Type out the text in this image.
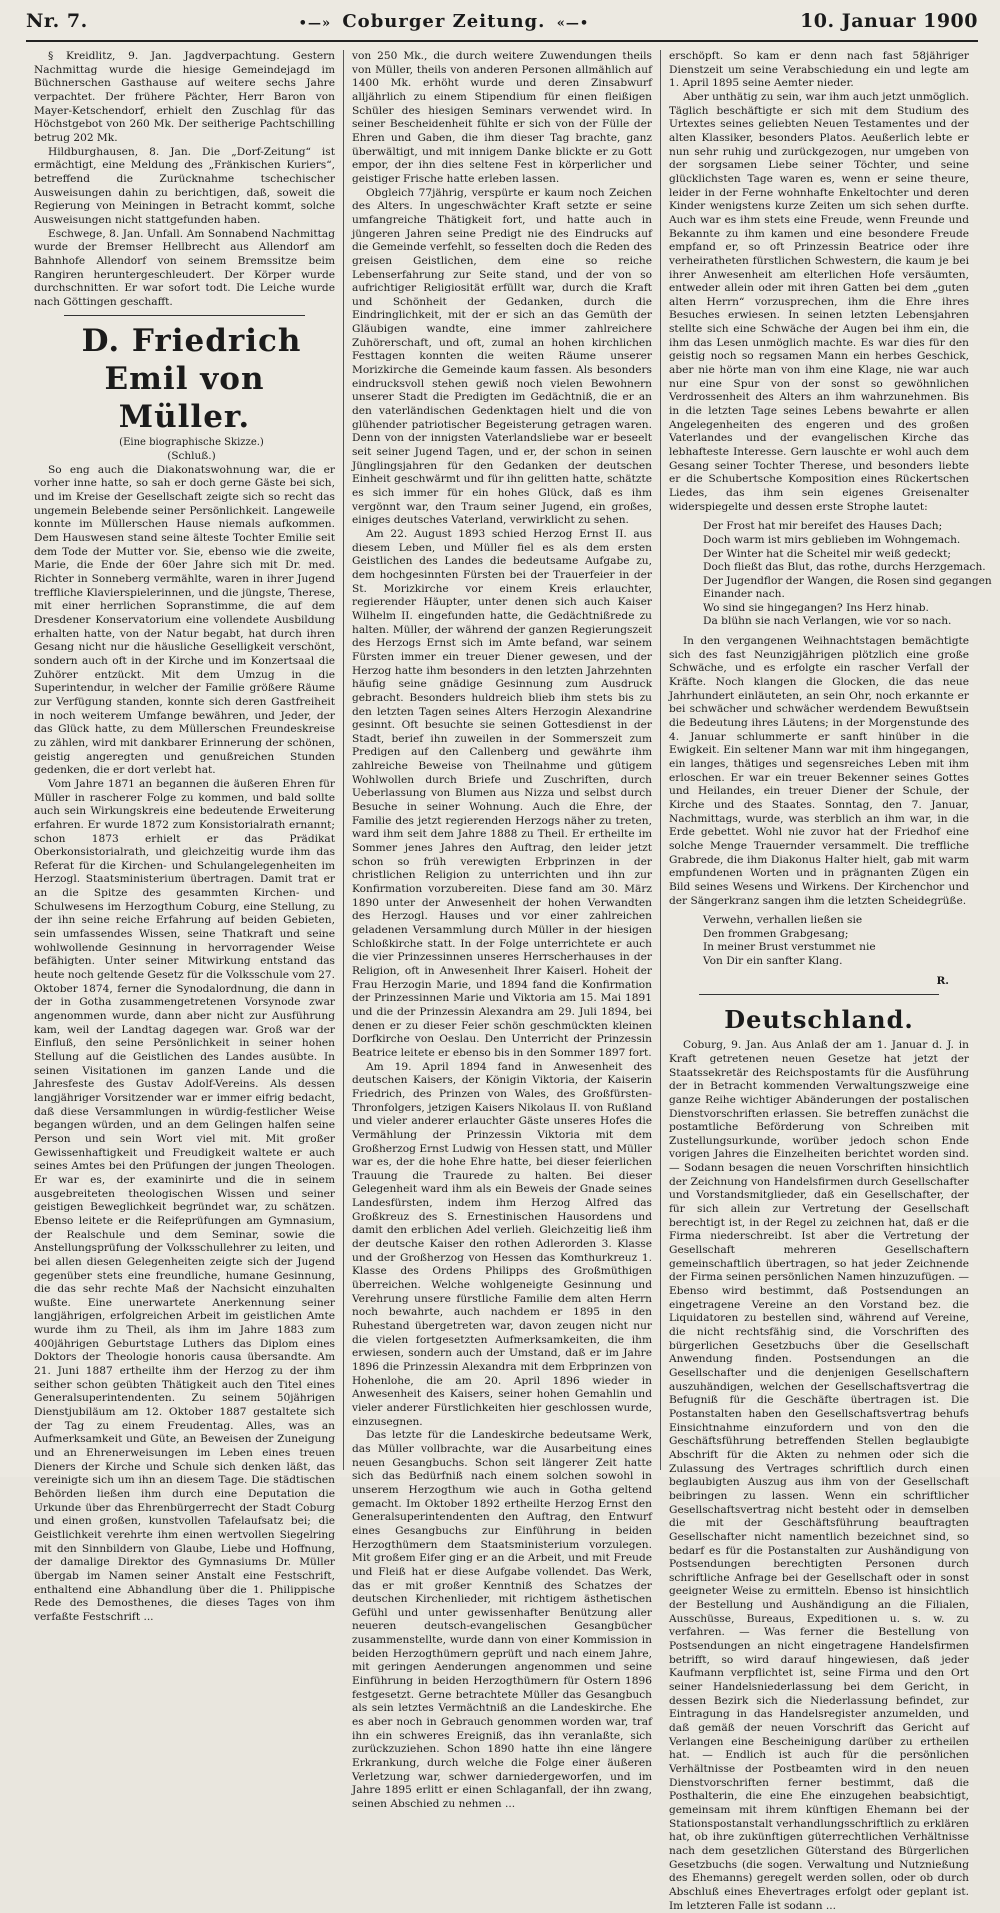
Nr. 7.	•—» Coburger Zeitung. «—•	10. Januar 1900

§ Kreidlitz, 9. Jan. Jagdverpachtung. Gestern Nachmittag wurde die hiesige Gemeindejagd im Büchnerschen Gasthause auf weitere sechs Jahre verpachtet. Der frühere Pächter, Herr Baron von Mayer-Ketschendorf, erhielt den Zuschlag für das Höchstgebot von 260 Mk. Der seitherige Pachtschilling betrug 202 Mk.

Hildburghausen, 8. Jan. Die „Dorf-Zeitung“ ist ermächtigt, eine Meldung des „Fränkischen Kuriers“, betreffend die Zurücknahme tschechischer Ausweisungen dahin zu berichtigen, daß, soweit die Regierung von Meiningen in Betracht kommt, solche Ausweisungen nicht stattgefunden haben.

Eschwege, 8. Jan. Unfall. Am Sonnabend Nachmittag wurde der Bremser Hellbrecht aus Allendorf am Bahnhofe Allendorf von seinem Bremssitze beim Rangiren heruntergeschleudert. Der Körper wurde durchschnitten. Er war sofort todt. Die Leiche wurde nach Göttingen geschafft.

D. Friedrich Emil von Müller.

(Eine biographische Skizze.)

(Schluß.)

So eng auch die Diakonatswohnung war, die er vorher inne hatte, so sah er doch gerne Gäste bei sich, und im Kreise der Gesellschaft zeigte sich so recht das ungemein Belebende seiner Persönlichkeit. Langeweile konnte im Müllerschen Hause niemals aufkommen. Dem Hauswesen stand seine älteste Tochter Emilie seit dem Tode der Mutter vor. Sie, ebenso wie die zweite, Marie, die Ende der 60er Jahre sich mit Dr. med. Richter in Sonneberg vermählte, waren in ihrer Jugend treffliche Klavierspielerinnen, und die jüngste, Therese, mit einer herrlichen Sopranstimme, die auf dem Dresdener Konservatorium eine vollendete Ausbildung erhalten hatte, von der Natur begabt, hat durch ihren Gesang nicht nur die häusliche Geselligkeit verschönt, sondern auch oft in der Kirche und im Konzertsaal die Zuhörer entzückt. Mit dem Umzug in die Superintendur, in welcher der Familie größere Räume zur Verfügung standen, konnte sich deren Gastfreiheit in noch weiterem Umfange bewähren, und Jeder, der das Glück hatte, zu dem Müllerschen Freundeskreise zu zählen, wird mit dankbarer Erinnerung der schönen, geistig angeregten und genußreichen Stunden gedenken, die er dort verlebt hat.

Vom Jahre 1871 an begannen die äußeren Ehren für Müller in rascherer Folge zu kommen, und bald sollte auch sein Wirkungskreis eine bedeutende Erweiterung erfahren. Er wurde 1872 zum Konsistorialrath ernannt; schon 1873 erhielt er das Prädikat Oberkonsistorialrath, und gleichzeitig wurde ihm das Referat für die Kirchen- und Schulangelegenheiten im Herzogl. Staatsministerium übertragen. Damit trat er an die Spitze des gesammten Kirchen- und Schulwesens im Herzogthum Coburg, eine Stellung, zu der ihn seine reiche Erfahrung auf beiden Gebieten, sein umfassendes Wissen, seine Thatkraft und seine wohlwollende Gesinnung in hervorragender Weise befähigten. Unter seiner Mitwirkung entstand das heute noch geltende Gesetz für die Volksschule vom 27. Oktober 1874, ferner die Synodalordnung, die dann in der in Gotha zusammengetretenen Vorsynode zwar angenommen wurde, dann aber nicht zur Ausführung kam, weil der Landtag dagegen war. Groß war der Einfluß, den seine Persönlichkeit in seiner hohen Stellung auf die Geistlichen des Landes ausübte. In seinen Visitationen im ganzen Lande und die Jahresfeste des Gustav Adolf-Vereins. Als dessen langjähriger Vorsitzender war er immer eifrig bedacht, daß diese Versammlungen in würdig-festlicher Weise begangen würden, und an dem Gelingen halfen seine Person und sein Wort viel mit. Mit großer Gewissenhaftigkeit und Freudigkeit waltete er auch seines Amtes bei den Prüfungen der jungen Theologen. Er war es, der examinirte und die in seinem ausgebreiteten theologischen Wissen und seiner geistigen Beweglichkeit begründet war, zu schätzen. Ebenso leitete er die Reifeprüfungen am Gymnasium, der Realschule und dem Seminar, sowie die Anstellungsprüfung der Volksschullehrer zu leiten, und bei allen diesen Gelegenheiten zeigte sich der Jugend gegenüber stets eine freundliche, humane Gesinnung, die das sehr rechte Maß der Nachsicht einzuhalten wußte. Eine unerwartete Anerkennung seiner langjährigen, erfolgreichen Arbeit im geistlichen Amte wurde ihm zu Theil, als ihm im Jahre 1883 zum 400jährigen Geburtstage Luthers das Diplom eines Doktors der Theologie honoris causa übersandte. Am 21. Juni 1887 ertheilte ihm der Herzog zu der ihm seither schon geübten Thätigkeit auch den Titel eines Generalsuperintendenten. Zu seinem 50jährigen Dienstjubiläum am 12. Oktober 1887 gestaltete sich der Tag zu einem Freudentag. Alles, was an Aufmerksamkeit und Güte, an Beweisen der Zuneigung und an Ehrenerweisungen im Leben eines treuen Dieners der Kirche und Schule sich denken läßt, das vereinigte sich um ihn an diesem Tage. Die städtischen Behörden ließen ihm durch eine Deputation die Urkunde über das Ehrenbürgerrecht der Stadt Coburg und einen großen, kunstvollen Tafelaufsatz bei; die Geistlichkeit verehrte ihm einen wertvollen Siegelring mit den Sinnbildern von Glaube, Liebe und Hoffnung, der damalige Direktor des Gymnasiums Dr. Müller übergab im Namen seiner Anstalt eine Festschrift, enthaltend eine Abhandlung über die 1. Philippische Rede des Demosthenes, die dieses Tages von ihm verfaßte Festschrift ...

von 250 Mk., die durch weitere Zuwendungen theils von Müller, theils von anderen Personen allmählich auf 1400 Mk. erhöht wurde und deren Zinsabwurf alljährlich zu einem Stipendium für einen fleißigen Schüler des hiesigen Seminars verwendet wird. In seiner Bescheidenheit fühlte er sich von der Fülle der Ehren und Gaben, die ihm dieser Tag brachte, ganz überwältigt, und mit innigem Danke blickte er zu Gott empor, der ihn dies seltene Fest in körperlicher und geistiger Frische hatte erleben lassen.

Obgleich 77jährig, verspürte er kaum noch Zeichen des Alters. In ungeschwächter Kraft setzte er seine umfangreiche Thätigkeit fort, und hatte auch in jüngeren Jahren seine Predigt nie des Eindrucks auf die Gemeinde verfehlt, so fesselten doch die Reden des greisen Geistlichen, dem eine so reiche Lebenserfahrung zur Seite stand, und der von so aufrichtiger Religiosität erfüllt war, durch die Kraft und Schönheit der Gedanken, durch die Eindringlichkeit, mit der er sich an das Gemüth der Gläubigen wandte, eine immer zahlreichere Zuhörerschaft, und oft, zumal an hohen kirchlichen Festtagen konnten die weiten Räume unserer Morizkirche die Gemeinde kaum fassen. Als besonders eindrucksvoll stehen gewiß noch vielen Bewohnern unserer Stadt die Predigten im Gedächtniß, die er an den vaterländischen Gedenktagen hielt und die von glühender patriotischer Begeisterung getragen waren. Denn von der innigsten Vaterlandsliebe war er beseelt seit seiner Jugend Tagen, und er, der schon in seinen Jünglingsjahren für den Gedanken der deutschen Einheit geschwärmt und für ihn gelitten hatte, schätzte es sich immer für ein hohes Glück, daß es ihm vergönnt war, den Traum seiner Jugend, ein großes, einiges deutsches Vaterland, verwirklicht zu sehen.

Am 22. August 1893 schied Herzog Ernst II. aus diesem Leben, und Müller fiel es als dem ersten Geistlichen des Landes die bedeutsame Aufgabe zu, dem hochgesinnten Fürsten bei der Trauerfeier in der St. Morizkirche vor einem Kreis erlauchter, regierender Häupter, unter denen sich auch Kaiser Wilhelm II. eingefunden hatte, die Gedächtnißrede zu halten. Müller, der während der ganzen Regierungszeit des Herzogs Ernst sich im Amte befand, war seinem Fürsten immer ein treuer Diener gewesen, und der Herzog hatte ihm besonders in den letzten Jahrzehnten häufig seine gnädige Gesinnung zum Ausdruck gebracht. Besonders huldreich blieb ihm stets bis zu den letzten Tagen seines Alters Herzogin Alexandrine gesinnt. Oft besuchte sie seinen Gottesdienst in der Stadt, berief ihn zuweilen in der Sommerszeit zum Predigen auf den Callenberg und gewährte ihm zahlreiche Beweise von Theilnahme und gütigem Wohlwollen durch Briefe und Zuschriften, durch Ueberlassung von Blumen aus Nizza und selbst durch Besuche in seiner Wohnung. Auch die Ehre, der Familie des jetzt regierenden Herzogs näher zu treten, ward ihm seit dem Jahre 1888 zu Theil. Er ertheilte im Sommer jenes Jahres den Auftrag, den leider jetzt schon so früh verewigten Erbprinzen in der christlichen Religion zu unterrichten und ihn zur Konfirmation vorzubereiten. Diese fand am 30. März 1890 unter der Anwesenheit der hohen Verwandten des Herzogl. Hauses und vor einer zahlreichen geladenen Versammlung durch Müller in der hiesigen Schloßkirche statt. In der Folge unterrichtete er auch die vier Prinzessinnen unseres Herrscherhauses in der Religion, oft in Anwesenheit Ihrer Kaiserl. Hoheit der Frau Herzogin Marie, und 1894 fand die Konfirmation der Prinzessinnen Marie und Viktoria am 15. Mai 1891 und die der Prinzessin Alexandra am 29. Juli 1894, bei denen er zu dieser Feier schön geschmückten kleinen Dorfkirche von Oeslau. Den Unterricht der Prinzessin Beatrice leitete er ebenso bis in den Sommer 1897 fort.

Am 19. April 1894 fand in Anwesenheit des deutschen Kaisers, der Königin Viktoria, der Kaiserin Friedrich, des Prinzen von Wales, des Großfürsten-Thronfolgers, jetzigen Kaisers Nikolaus II. von Rußland und vieler anderer erlauchter Gäste unseres Hofes die Vermählung der Prinzessin Viktoria mit dem Großherzog Ernst Ludwig von Hessen statt, und Müller war es, der die hohe Ehre hatte, bei dieser feierlichen Trauung die Traurede zu halten. Bei dieser Gelegenheit ward ihm als ein Beweis der Gnade seines Landesfürsten, indem ihm Herzog Alfred das Großkreuz des S. Ernestinischen Hausordens und damit den erblichen Adel verlieh. Gleichzeitig ließ ihm der deutsche Kaiser den rothen Adlerorden 3. Klasse und der Großherzog von Hessen das Komthurkreuz 1. Klasse des Ordens Philipps des Großmüthigen überreichen. Welche wohlgeneigte Gesinnung und Verehrung unsere fürstliche Familie dem alten Herrn noch bewahrte, auch nachdem er 1895 in den Ruhestand übergetreten war, davon zeugen nicht nur die vielen fortgesetzten Aufmerksamkeiten, die ihm erwiesen, sondern auch der Umstand, daß er im Jahre 1896 die Prinzessin Alexandra mit dem Erbprinzen von Hohenlohe, die am 20. April 1896 wieder in Anwesenheit des Kaisers, seiner hohen Gemahlin und vieler anderer Fürstlichkeiten hier geschlossen wurde, einzusegnen.

Das letzte für die Landeskirche bedeutsame Werk, das Müller vollbrachte, war die Ausarbeitung eines neuen Gesangbuchs. Schon seit längerer Zeit hatte sich das Bedürfniß nach einem solchen sowohl in unserem Herzogthum wie auch in Gotha geltend gemacht. Im Oktober 1892 ertheilte Herzog Ernst den Generalsuperintendenten den Auftrag, den Entwurf eines Gesangbuchs zur Einführung in beiden Herzogthümern dem Staatsministerium vorzulegen. Mit großem Eifer ging er an die Arbeit, und mit Freude und Fleiß hat er diese Aufgabe vollendet. Das Werk, das er mit großer Kenntniß des Schatzes der deutschen Kirchenlieder, mit richtigem ästhetischen Gefühl und unter gewissenhafter Benützung aller neueren deutsch-evangelischen Gesangbücher zusammenstellte, wurde dann von einer Kommission in beiden Herzogthümern geprüft und nach einem Jahre, mit geringen Aenderungen angenommen und seine Einführung in beiden Herzogthümern für Ostern 1896 festgesetzt. Gerne betrachtete Müller das Gesangbuch als sein letztes Vermächtniß an die Landeskirche. Ehe es aber noch in Gebrauch genommen worden war, traf ihn ein schweres Ereigniß, das ihn veranlaßte, sich zurückzuziehen. Schon 1890 hatte ihn eine längere Erkrankung, durch welche die Folge einer äußeren Verletzung war, schwer darniedergeworfen, und im Jahre 1895 erlitt er einen Schlaganfall, der ihn zwang, seinen Abschied zu nehmen ...

erschöpft. So kam er denn nach fast 58jähriger Dienstzeit um seine Verabschiedung ein und legte am 1. April 1895 seine Aemter nieder.

Aber unthätig zu sein, war ihm auch jetzt unmöglich. Täglich beschäftigte er sich mit dem Studium des Urtextes seines geliebten Neuen Testamentes und der alten Klassiker, besonders Platos. Aeußerlich lebte er nun sehr ruhig und zurückgezogen, nur umgeben von der sorgsamen Liebe seiner Töchter, und seine glücklichsten Tage waren es, wenn er seine theure, leider in der Ferne wohnhafte Enkeltochter und deren Kinder wenigstens kurze Zeiten um sich sehen durfte. Auch war es ihm stets eine Freude, wenn Freunde und Bekannte zu ihm kamen und eine besondere Freude empfand er, so oft Prinzessin Beatrice oder ihre verheiratheten fürstlichen Schwestern, die kaum je bei ihrer Anwesenheit am elterlichen Hofe versäumten, entweder allein oder mit ihren Gatten bei dem „guten alten Herrn“ vorzusprechen, ihm die Ehre ihres Besuches erwiesen. In seinen letzten Lebensjahren stellte sich eine Schwäche der Augen bei ihm ein, die ihm das Lesen unmöglich machte. Es war dies für den geistig noch so regsamen Mann ein herbes Geschick, aber nie hörte man von ihm eine Klage, nie war auch nur eine Spur von der sonst so gewöhnlichen Verdrossenheit des Alters an ihm wahrzunehmen. Bis in die letzten Tage seines Lebens bewahrte er allen Angelegenheiten des engeren und des großen Vaterlandes und der evangelischen Kirche das lebhafteste Interesse. Gern lauschte er wohl auch dem Gesang seiner Tochter Therese, und besonders liebte er die Schubertsche Komposition eines Rückertschen Liedes, das ihm sein eigenes Greisenalter widerspiegelte und dessen erste Strophe lautet:

Der Frost hat mir bereifet des Hauses Dach;
Doch warm ist mirs geblieben im Wohngemach.
Der Winter hat die Scheitel mir weiß gedeckt;
Doch fließt das Blut, das rothe, durchs Herzgemach.
Der Jugendflor der Wangen, die Rosen sind gegangen
Einander nach.
Wo sind sie hingegangen? Ins Herz hinab.
Da blühn sie nach Verlangen, wie vor so nach.

In den vergangenen Weihnachtstagen bemächtigte sich des fast Neunzigjährigen plötzlich eine große Schwäche, und es erfolgte ein rascher Verfall der Kräfte. Noch klangen die Glocken, die das neue Jahrhundert einläuteten, an sein Ohr, noch erkannte er bei schwächer und schwächer werdendem Bewußtsein die Bedeutung ihres Läutens; in der Morgenstunde des 4. Januar schlummerte er sanft hinüber in die Ewigkeit. Ein seltener Mann war mit ihm hingegangen, ein langes, thätiges und segensreiches Leben mit ihm erloschen. Er war ein treuer Bekenner seines Gottes und Heilandes, ein treuer Diener der Schule, der Kirche und des Staates. Sonntag, den 7. Januar, Nachmittags, wurde, was sterblich an ihm war, in die Erde gebettet. Wohl nie zuvor hat der Friedhof eine solche Menge Trauernder versammelt. Die treffliche Grabrede, die ihm Diakonus Halter hielt, gab mit warm empfundenen Worten und in prägnanten Zügen ein Bild seines Wesens und Wirkens. Der Kirchenchor und der Sängerkranz sangen ihm die letzten Scheidegrüße.

Verwehn, verhallen ließen sie
Den frommen Grabgesang;
In meiner Brust verstummet nie
Von Dir ein sanfter Klang.
R.
Deutschland.

Coburg, 9. Jan. Aus Anlaß der am 1. Januar d. J. in Kraft getretenen neuen Gesetze hat jetzt der Staatssekretär des Reichspostamts für die Ausführung der in Betracht kommenden Verwaltungszweige eine ganze Reihe wichtiger Abänderungen der postalischen Dienstvorschriften erlassen. Sie betreffen zunächst die postamtliche Beförderung von Schreiben mit Zustellungsurkunde, worüber jedoch schon Ende vorigen Jahres die Einzelheiten berichtet worden sind. — Sodann besagen die neuen Vorschriften hinsichtlich der Zeichnung von Handelsfirmen durch Gesellschafter und Vorstandsmitglieder, daß ein Gesellschafter, der für sich allein zur Vertretung der Gesellschaft berechtigt ist, in der Regel zu zeichnen hat, daß er die Firma niederschreibt. Ist aber die Vertretung der Gesellschaft mehreren Gesellschaftern gemeinschaftlich übertragen, so hat jeder Zeichnende der Firma seinen persönlichen Namen hinzuzufügen. — Ebenso wird bestimmt, daß Postsendungen an eingetragene Vereine an den Vorstand bez. die Liquidatoren zu bestellen sind, während auf Vereine, die nicht rechtsfähig sind, die Vorschriften des bürgerlichen Gesetzbuchs über die Gesellschaft Anwendung finden. Postsendungen an die Gesellschafter und die denjenigen Gesellschaftern auszuhändigen, welchen der Gesellschaftsvertrag die Befugniß für die Geschäfte übertragen ist. Die Postanstalten haben den Gesellschaftsvertrag behufs Einsichtnahme einzufordern und von den die Geschäftsführung betreffenden Stellen beglaubigte Abschrift für die Akten zu nehmen oder sich die Zulassung des Vertrages schriftlich durch einen beglaubigten Auszug aus ihm von der Gesellschaft beibringen zu lassen. Wenn ein schriftlicher Gesellschaftsvertrag nicht besteht oder in demselben die mit der Geschäftsführung beauftragten Gesellschafter nicht namentlich bezeichnet sind, so bedarf es für die Postanstalten zur Aushändigung von Postsendungen berechtigten Personen durch schriftliche Anfrage bei der Gesellschaft oder in sonst geeigneter Weise zu ermitteln. Ebenso ist hinsichtlich der Bestellung und Aushändigung an die Filialen, Ausschüsse, Bureaus, Expeditionen u. s. w. zu verfahren. — Was ferner die Bestellung von Postsendungen an nicht eingetragene Handelsfirmen betrifft, so wird darauf hingewiesen, daß jeder Kaufmann verpflichtet ist, seine Firma und den Ort seiner Handelsniederlassung bei dem Gericht, in dessen Bezirk sich die Niederlassung befindet, zur Eintragung in das Handelsregister anzumelden, und daß gemäß der neuen Vorschrift das Gericht auf Verlangen eine Bescheinigung darüber zu ertheilen hat. — Endlich ist auch für die persönlichen Verhältnisse der Postbeamten wird in den neuen Dienstvorschriften ferner bestimmt, daß die Posthalterin, die eine Ehe einzugehen beabsichtigt, gemeinsam mit ihrem künftigen Ehemann bei der Stationspostanstalt verhandlungsschriftlich zu erklären hat, ob ihre zukünftigen güterrechtlichen Verhältnisse nach dem gesetzlichen Güterstand des Bürgerlichen Gesetzbuchs (die sogen. Verwaltung und Nutznießung des Ehemanns) geregelt werden sollen, oder ob durch Abschluß eines Ehevertrages erfolgt oder geplant ist. Im letzteren Falle ist sodann ...
